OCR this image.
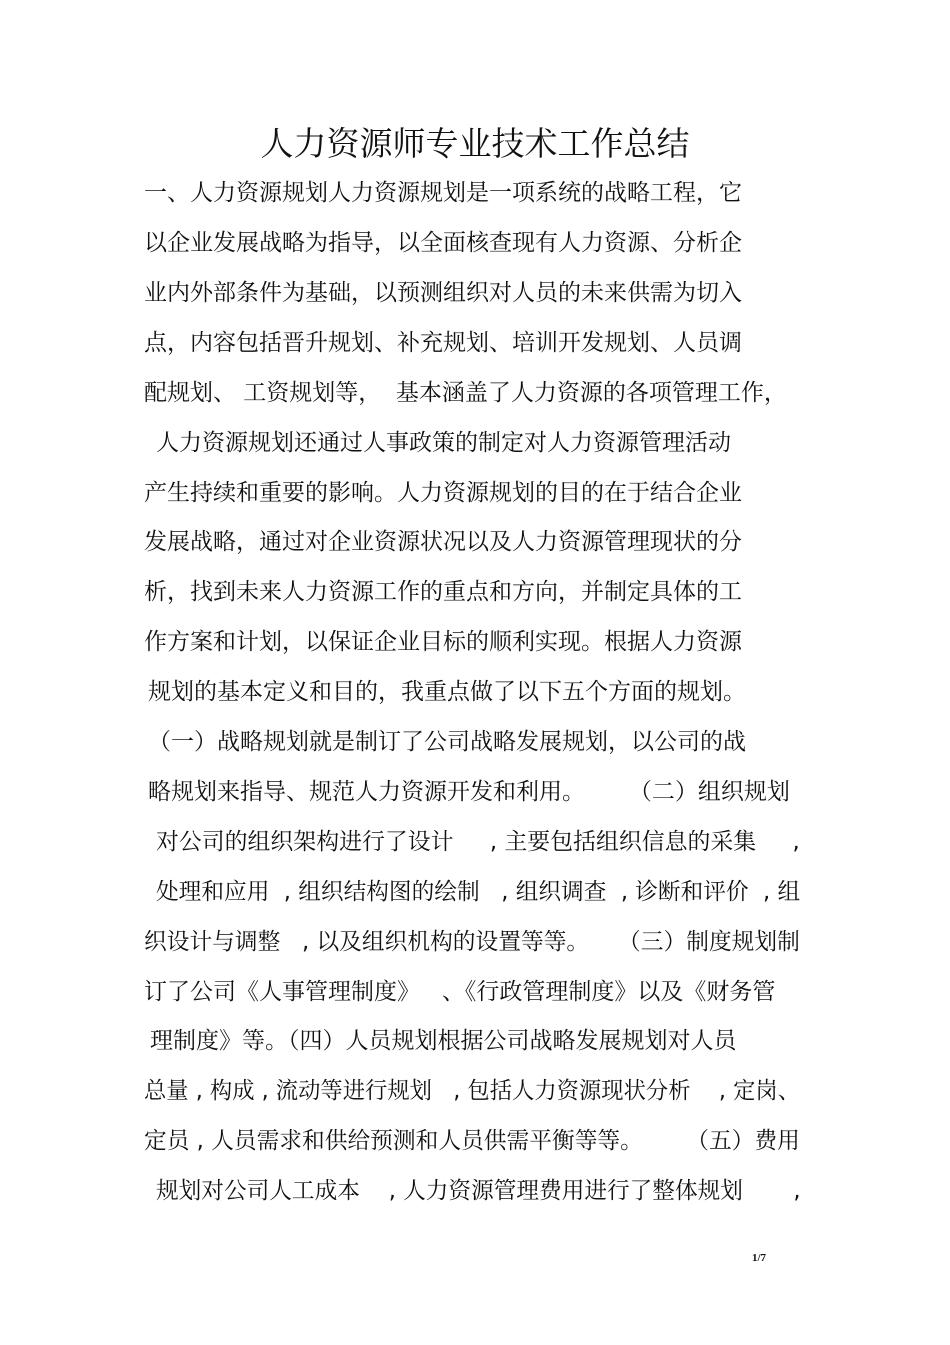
人力资源师专业技术工作总结
一、人力资源规划人力资源规划是一项系统的战略工程，它
以企业发展战略为指导，以全面核查现有人力资源、分析企
业内外部条件为基础，以预测组织对人员的未来供需为切入
点，内容包括晋升规划、补充规划、培训开发规划、人员调
配规划、 工资规划等，  基本涵盖了人力资源的各项管理工作，
人力资源规划还通过人事政策的制定对人力资源管理活动
产生持续和重要的影响。人力资源规划的目的在于结合企业
发展战略，通过对企业资源状况以及人力资源管理现状的分
析，找到未来人力资源工作的重点和方向，并制定具体的工
作方案和计划，以保证企业目标的顺利实现。根据人力资源
规划的基本定义和目的，我重点做了以下五个方面的规划。
（一）战略规划就是制订了公司战略发展规划，以公司的战
略规划来指导、规范人力资源开发和利用。      （二）组织规划
对公司的组织架构进行了设计     , 主要包括组织信息的采集     ,
处理和应用  , 组织结构图的绘制   , 组织调查  , 诊断和评价  , 组
织设计与调整   , 以及组织机构的设置等等。    （三）制度规划制
订了公司《人事管理制度》   、《行政管理制度》以及《财务管
理制度》等。（四）人员规划根据公司战略发展规划对人员
总量 , 构成 , 流动等进行规划   , 包括人力资源现状分析    , 定岗、
定员 , 人员需求和供给预测和人员供需平衡等等。      （五）费用
规划对公司人工成本    , 人力资源管理费用进行了整体规划       ,
1/7
